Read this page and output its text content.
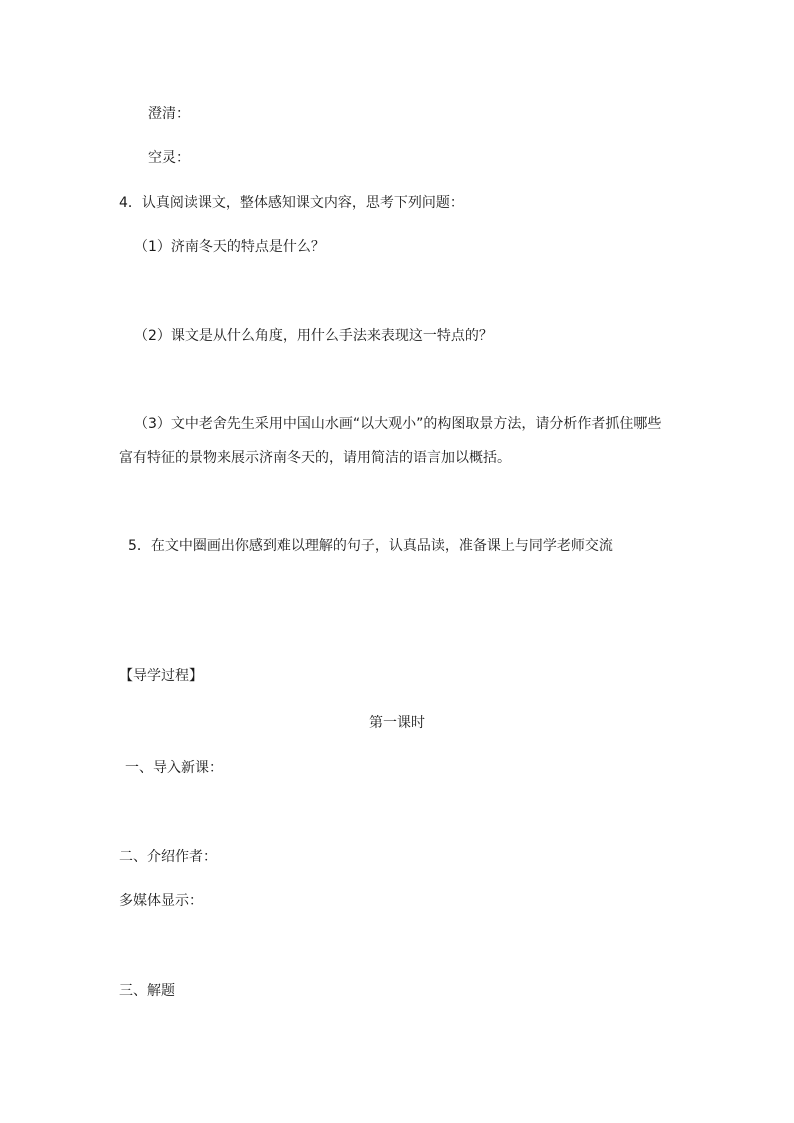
澄清：
空灵：
4．认真阅读课文，整体感知课文内容，思考下列问题：
（1）济南冬天的特点是什么？
（2）课文是从什么角度，用什么手法来表现这一特点的？
（3）文中老舍先生采用中国山水画“以大观小”的构图取景方法，请分析作者抓住哪些
富有特征的景物来展示济南冬天的，请用简洁的语言加以概括。
5．在文中圈画出你感到难以理解的句子，认真品读，准备课上与同学老师交流
【导学过程】
第一课时
一、导入新课：
二、介绍作者：
多媒体显示：
三、解题
